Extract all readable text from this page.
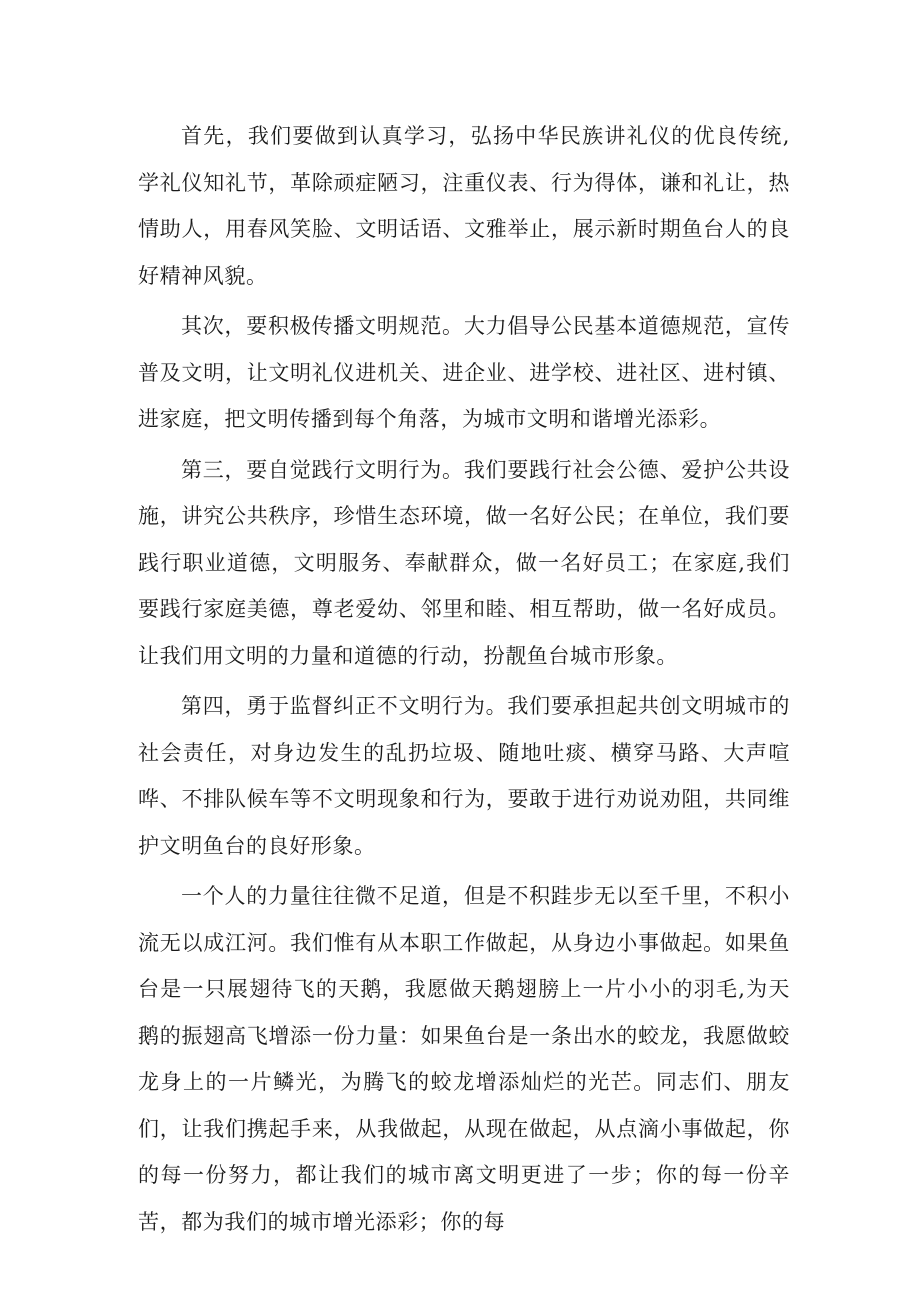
首先，我们要做到认真学习，弘扬中华民族讲礼仪的优良传统,学礼仪知礼节，革除顽症陋习，注重仪表、行为得体，谦和礼让，热情助人，用春风笑脸、文明话语、文雅举止，展示新时期鱼台人的良好精神风貌。

其次，要积极传播文明规范。大力倡导公民基本道德规范，宣传普及文明，让文明礼仪进机关、进企业、进学校、进社区、进村镇、进家庭，把文明传播到每个角落，为城市文明和谐增光添彩。

第三，要自觉践行文明行为。我们要践行社会公德、爱护公共设施，讲究公共秩序，珍惜生态环境，做一名好公民；在单位，我们要践行职业道德，文明服务、奉献群众，做一名好员工；在家庭,我们要践行家庭美德，尊老爱幼、邻里和睦、相互帮助，做一名好成员。让我们用文明的力量和道德的行动，扮靓鱼台城市形象。

第四，勇于监督纠正不文明行为。我们要承担起共创文明城市的社会责任，对身边发生的乱扔垃圾、随地吐痰、横穿马路、大声喧哗、不排队候车等不文明现象和行为，要敢于进行劝说劝阻，共同维护文明鱼台的良好形象。

一个人的力量往往微不足道，但是不积跬步无以至千里，不积小流无以成江河。我们惟有从本职工作做起，从身边小事做起。如果鱼台是一只展翅待飞的天鹅，我愿做天鹅翅膀上一片小小的羽毛,为天鹅的振翅高飞增添一份力量：如果鱼台是一条出水的蛟龙，我愿做蛟龙身上的一片鳞光，为腾飞的蛟龙增添灿烂的光芒。同志们、朋友们，让我们携起手来，从我做起，从现在做起，从点滴小事做起，你的每一份努力，都让我们的城市离文明更进了一步；你的每一份辛苦，都为我们的城市增光添彩；你的每
